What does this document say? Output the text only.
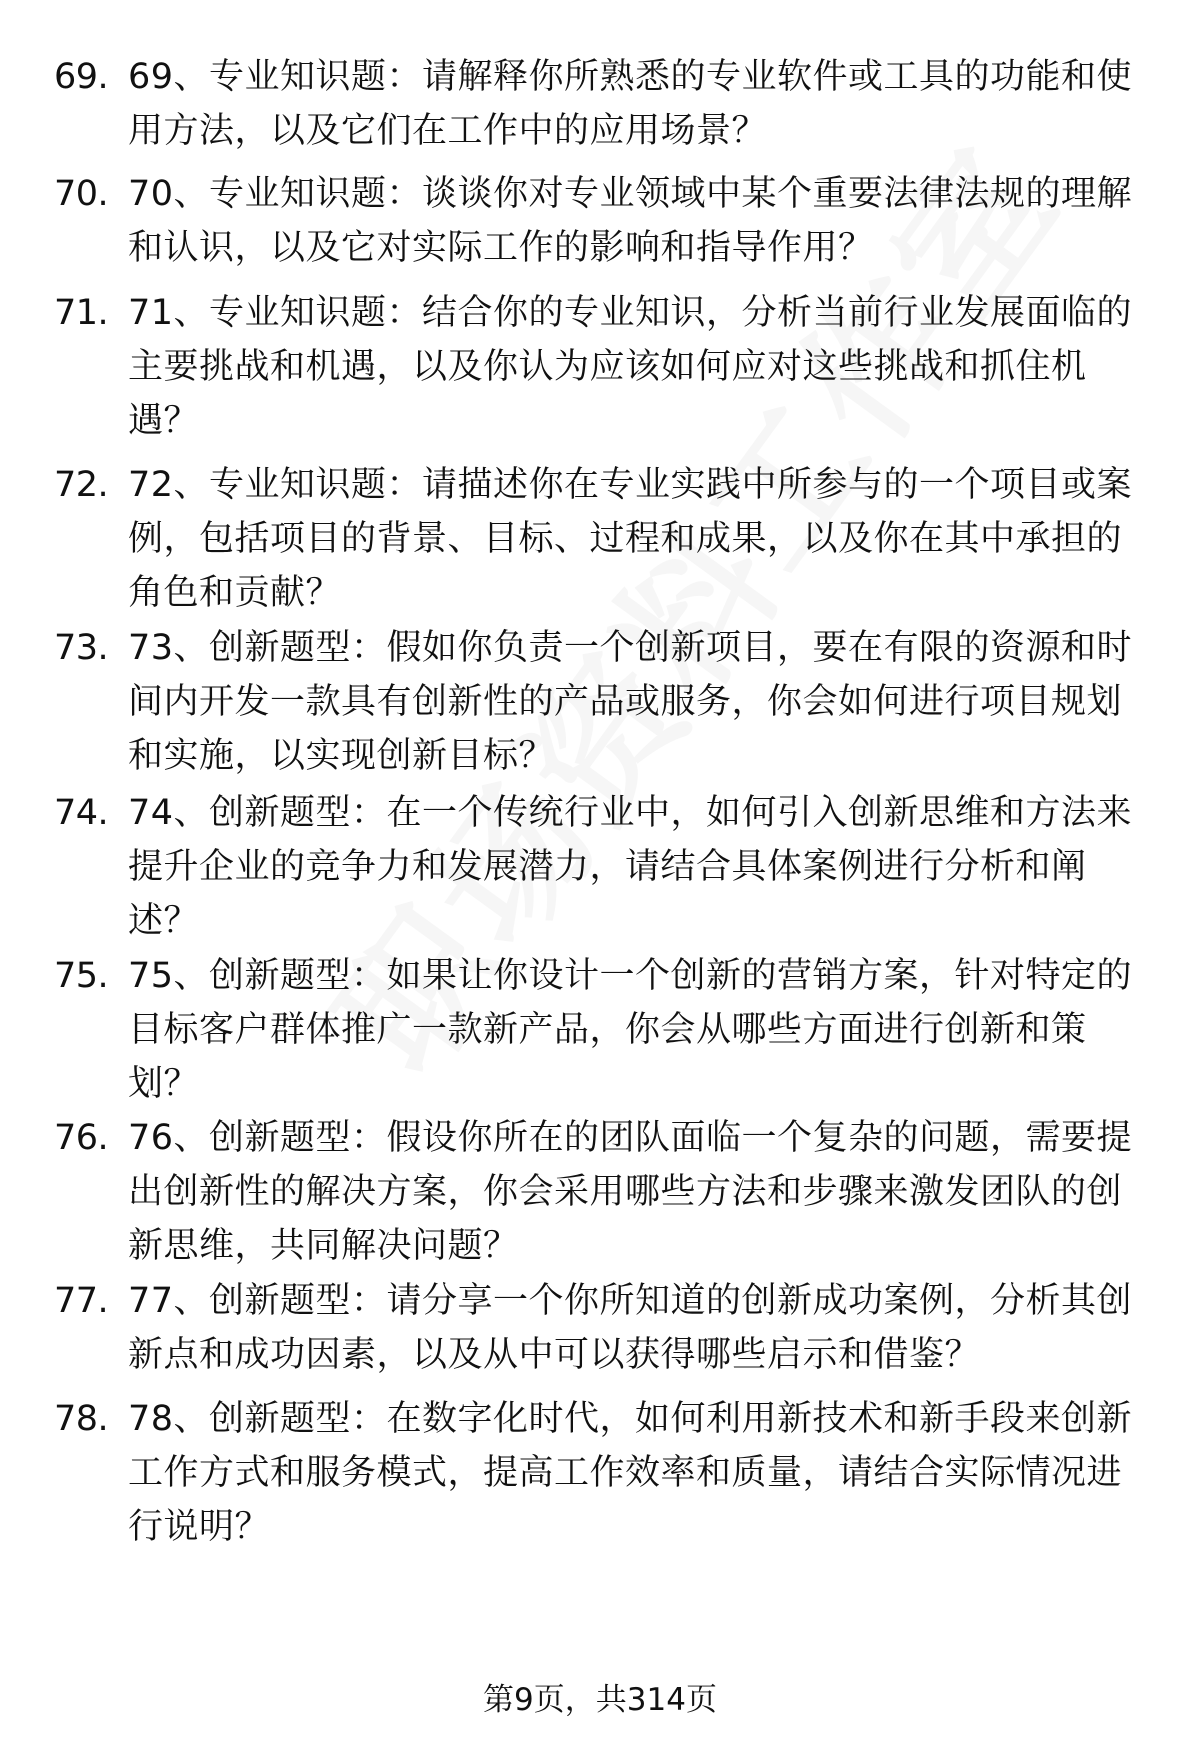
69. 69、专业知识题：请解释你所熟悉的专业软件或工具的功能和使用方法，以及它们在工作中的应用场景？
70. 70、专业知识题：谈谈你对专业领域中某个重要法律法规的理解和认识，以及它对实际工作的影响和指导作用？
71. 71、专业知识题：结合你的专业知识，分析当前行业发展面临的主要挑战和机遇，以及你认为应该如何应对这些挑战和抓住机遇？
72. 72、专业知识题：请描述你在专业实践中所参与的一个项目或案例，包括项目的背景、目标、过程和成果，以及你在其中承担的角色和贡献？
73. 73、创新题型：假如你负责一个创新项目，要在有限的资源和时间内开发一款具有创新性的产品或服务，你会如何进行项目规划和实施，以实现创新目标？
74. 74、创新题型：在一个传统行业中，如何引入创新思维和方法来提升企业的竞争力和发展潜力，请结合具体案例进行分析和阐述？
75. 75、创新题型：如果让你设计一个创新的营销方案，针对特定的目标客户群体推广一款新产品，你会从哪些方面进行创新和策划？
76. 76、创新题型：假设你所在的团队面临一个复杂的问题，需要提出创新性的解决方案，你会采用哪些方法和步骤来激发团队的创新思维，共同解决问题？
77. 77、创新题型：请分享一个你所知道的创新成功案例，分析其创新点和成功因素，以及从中可以获得哪些启示和借鉴？
78. 78、创新题型：在数字化时代，如何利用新技术和新手段来创新工作方式和服务模式，提高工作效率和质量，请结合实际情况进行说明？
第9页，共314页
